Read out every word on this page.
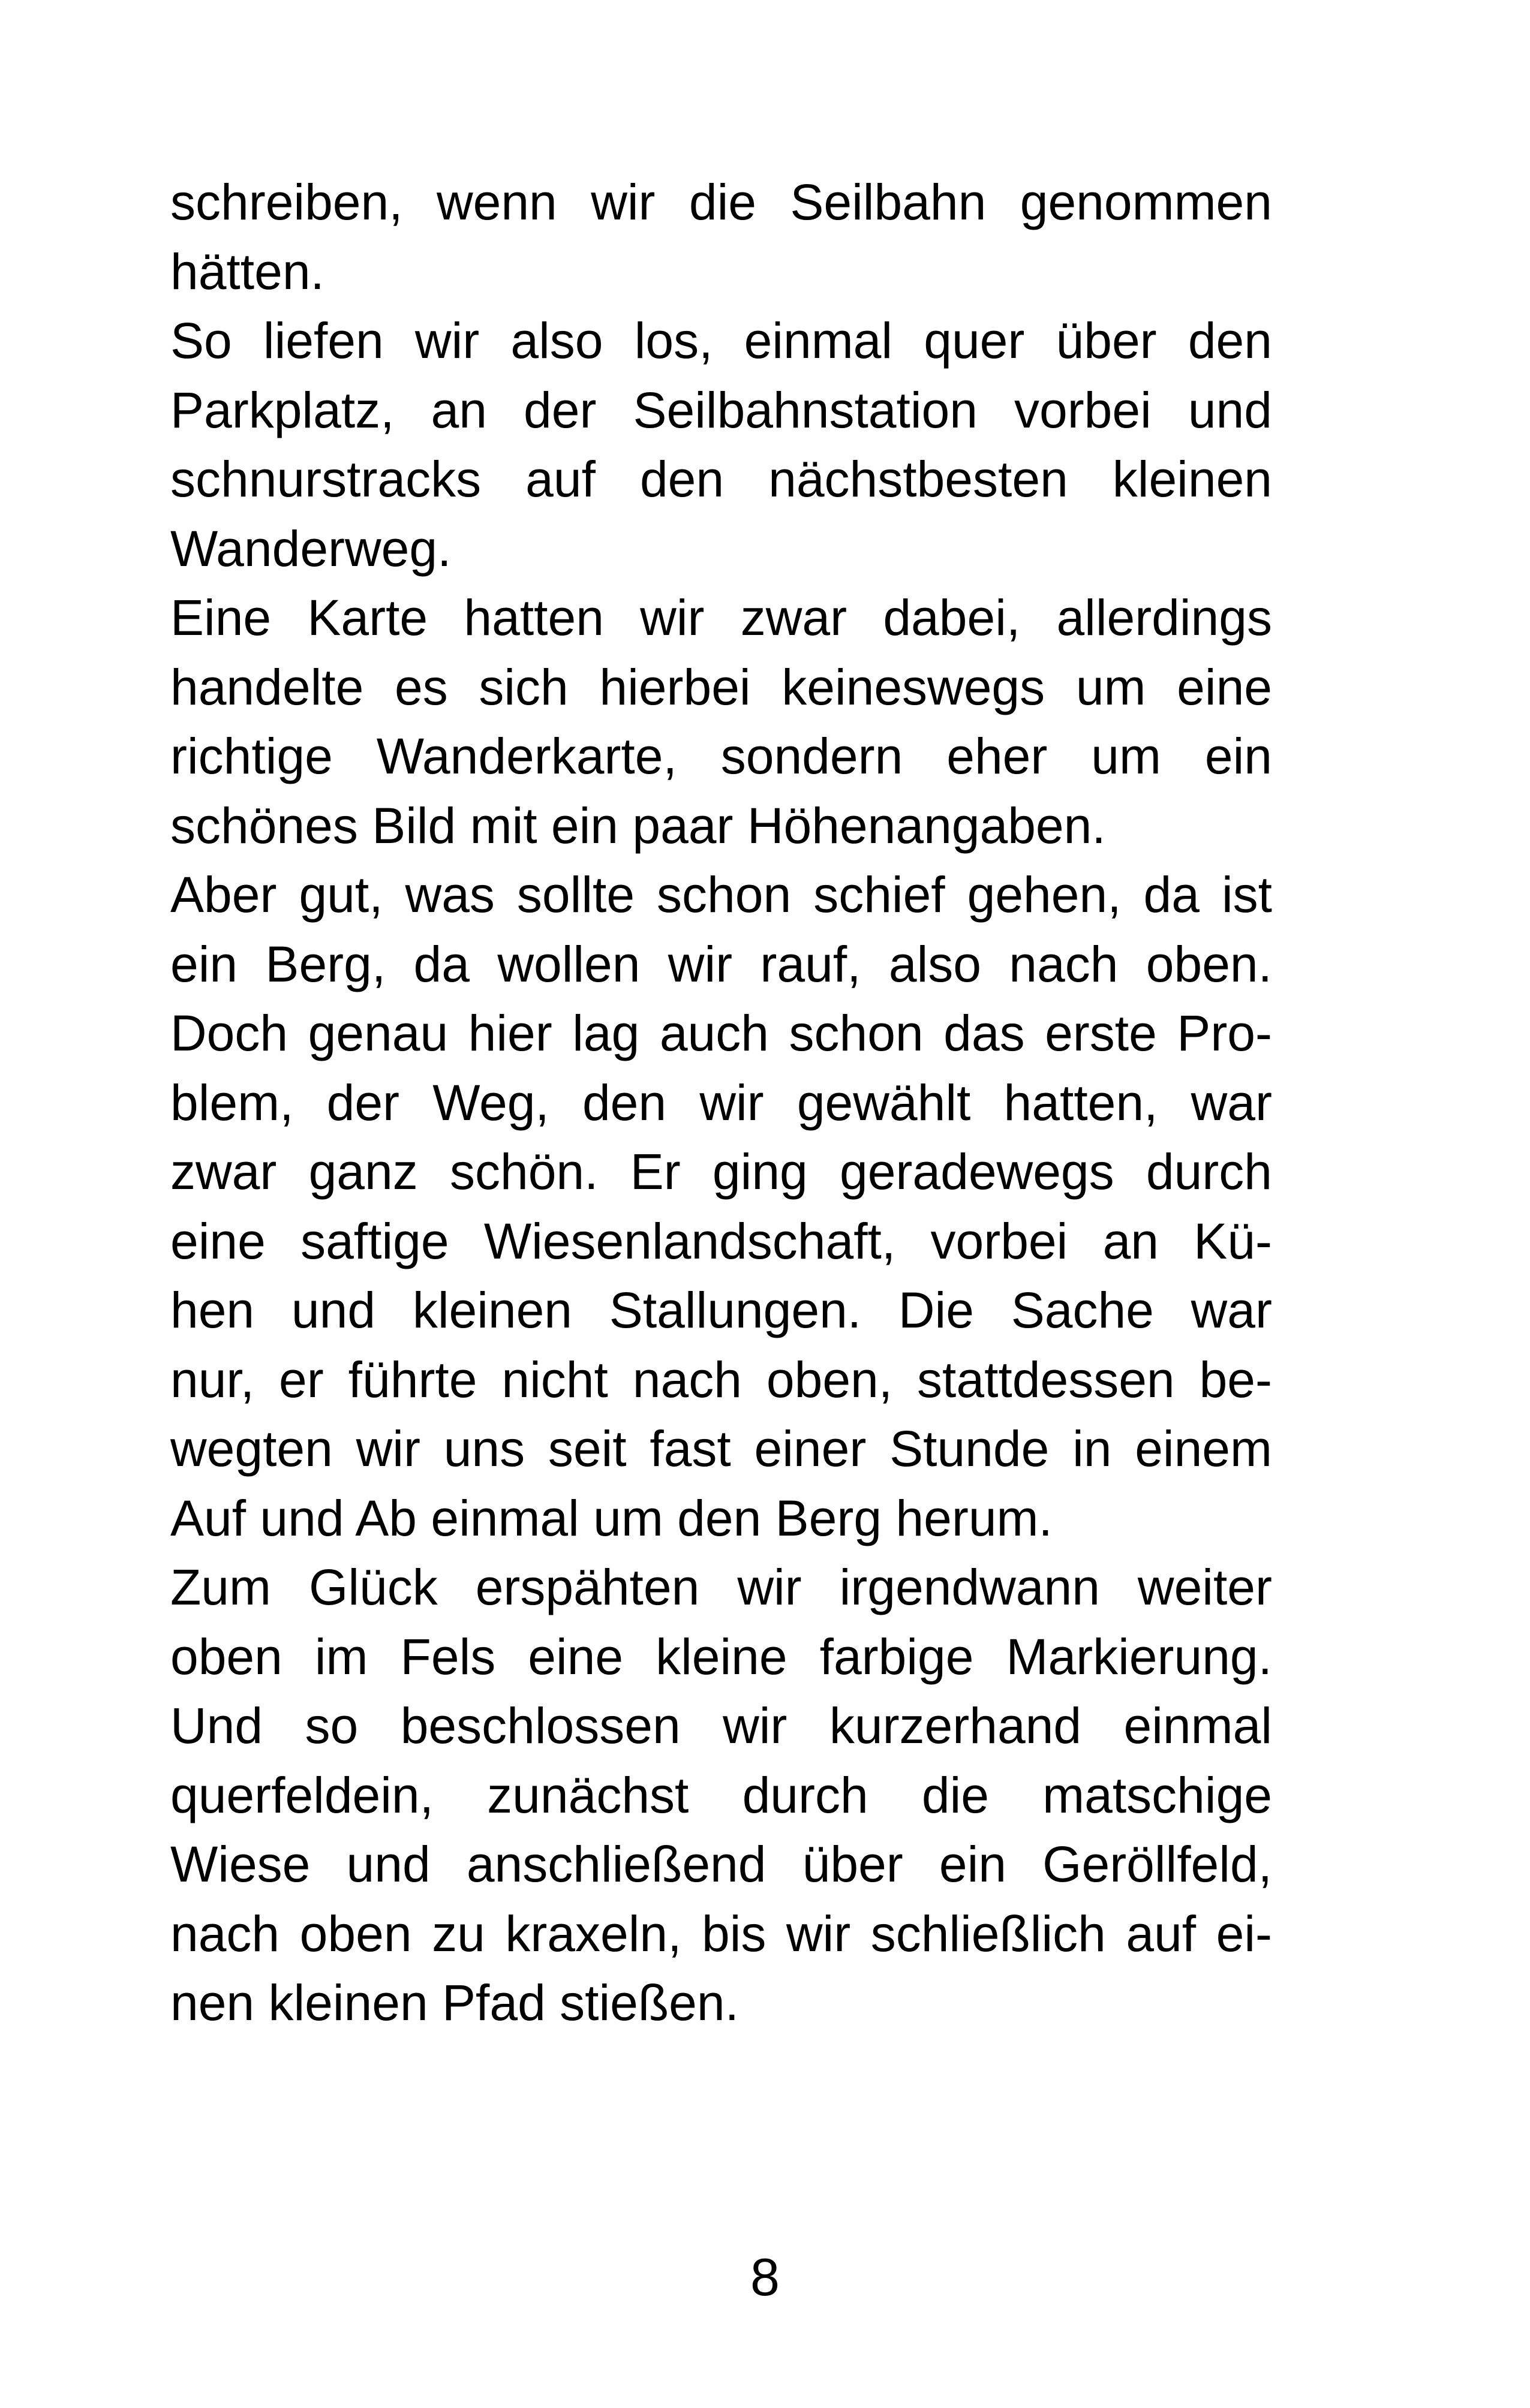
schreiben, wenn wir die Seilbahn genommen
hätten.
So liefen wir also los, einmal quer über den
Parkplatz, an der Seilbahnstation vorbei und
schnurstracks auf den nächstbesten kleinen
Wanderweg.
Eine Karte hatten wir zwar dabei, allerdings
handelte es sich hierbei keineswegs um eine
richtige Wanderkarte, sondern eher um ein
schönes Bild mit ein paar Höhenangaben.
Aber gut, was sollte schon schief gehen, da ist
ein Berg, da wollen wir rauf, also nach oben.
Doch genau hier lag auch schon das erste Pro-
blem, der Weg, den wir gewählt hatten, war
zwar ganz schön. Er ging geradewegs durch
eine saftige Wiesenlandschaft, vorbei an Kü-
hen und kleinen Stallungen. Die Sache war
nur, er führte nicht nach oben, stattdessen be-
wegten wir uns seit fast einer Stunde in einem
Auf und Ab einmal um den Berg herum.
Zum Glück erspähten wir irgendwann weiter
oben im Fels eine kleine farbige Markierung.
Und so beschlossen wir kurzerhand einmal
querfeldein, zunächst durch die matschige
Wiese und anschließend über ein Geröllfeld,
nach oben zu kraxeln, bis wir schließlich auf ei-
nen kleinen Pfad stießen.
8
